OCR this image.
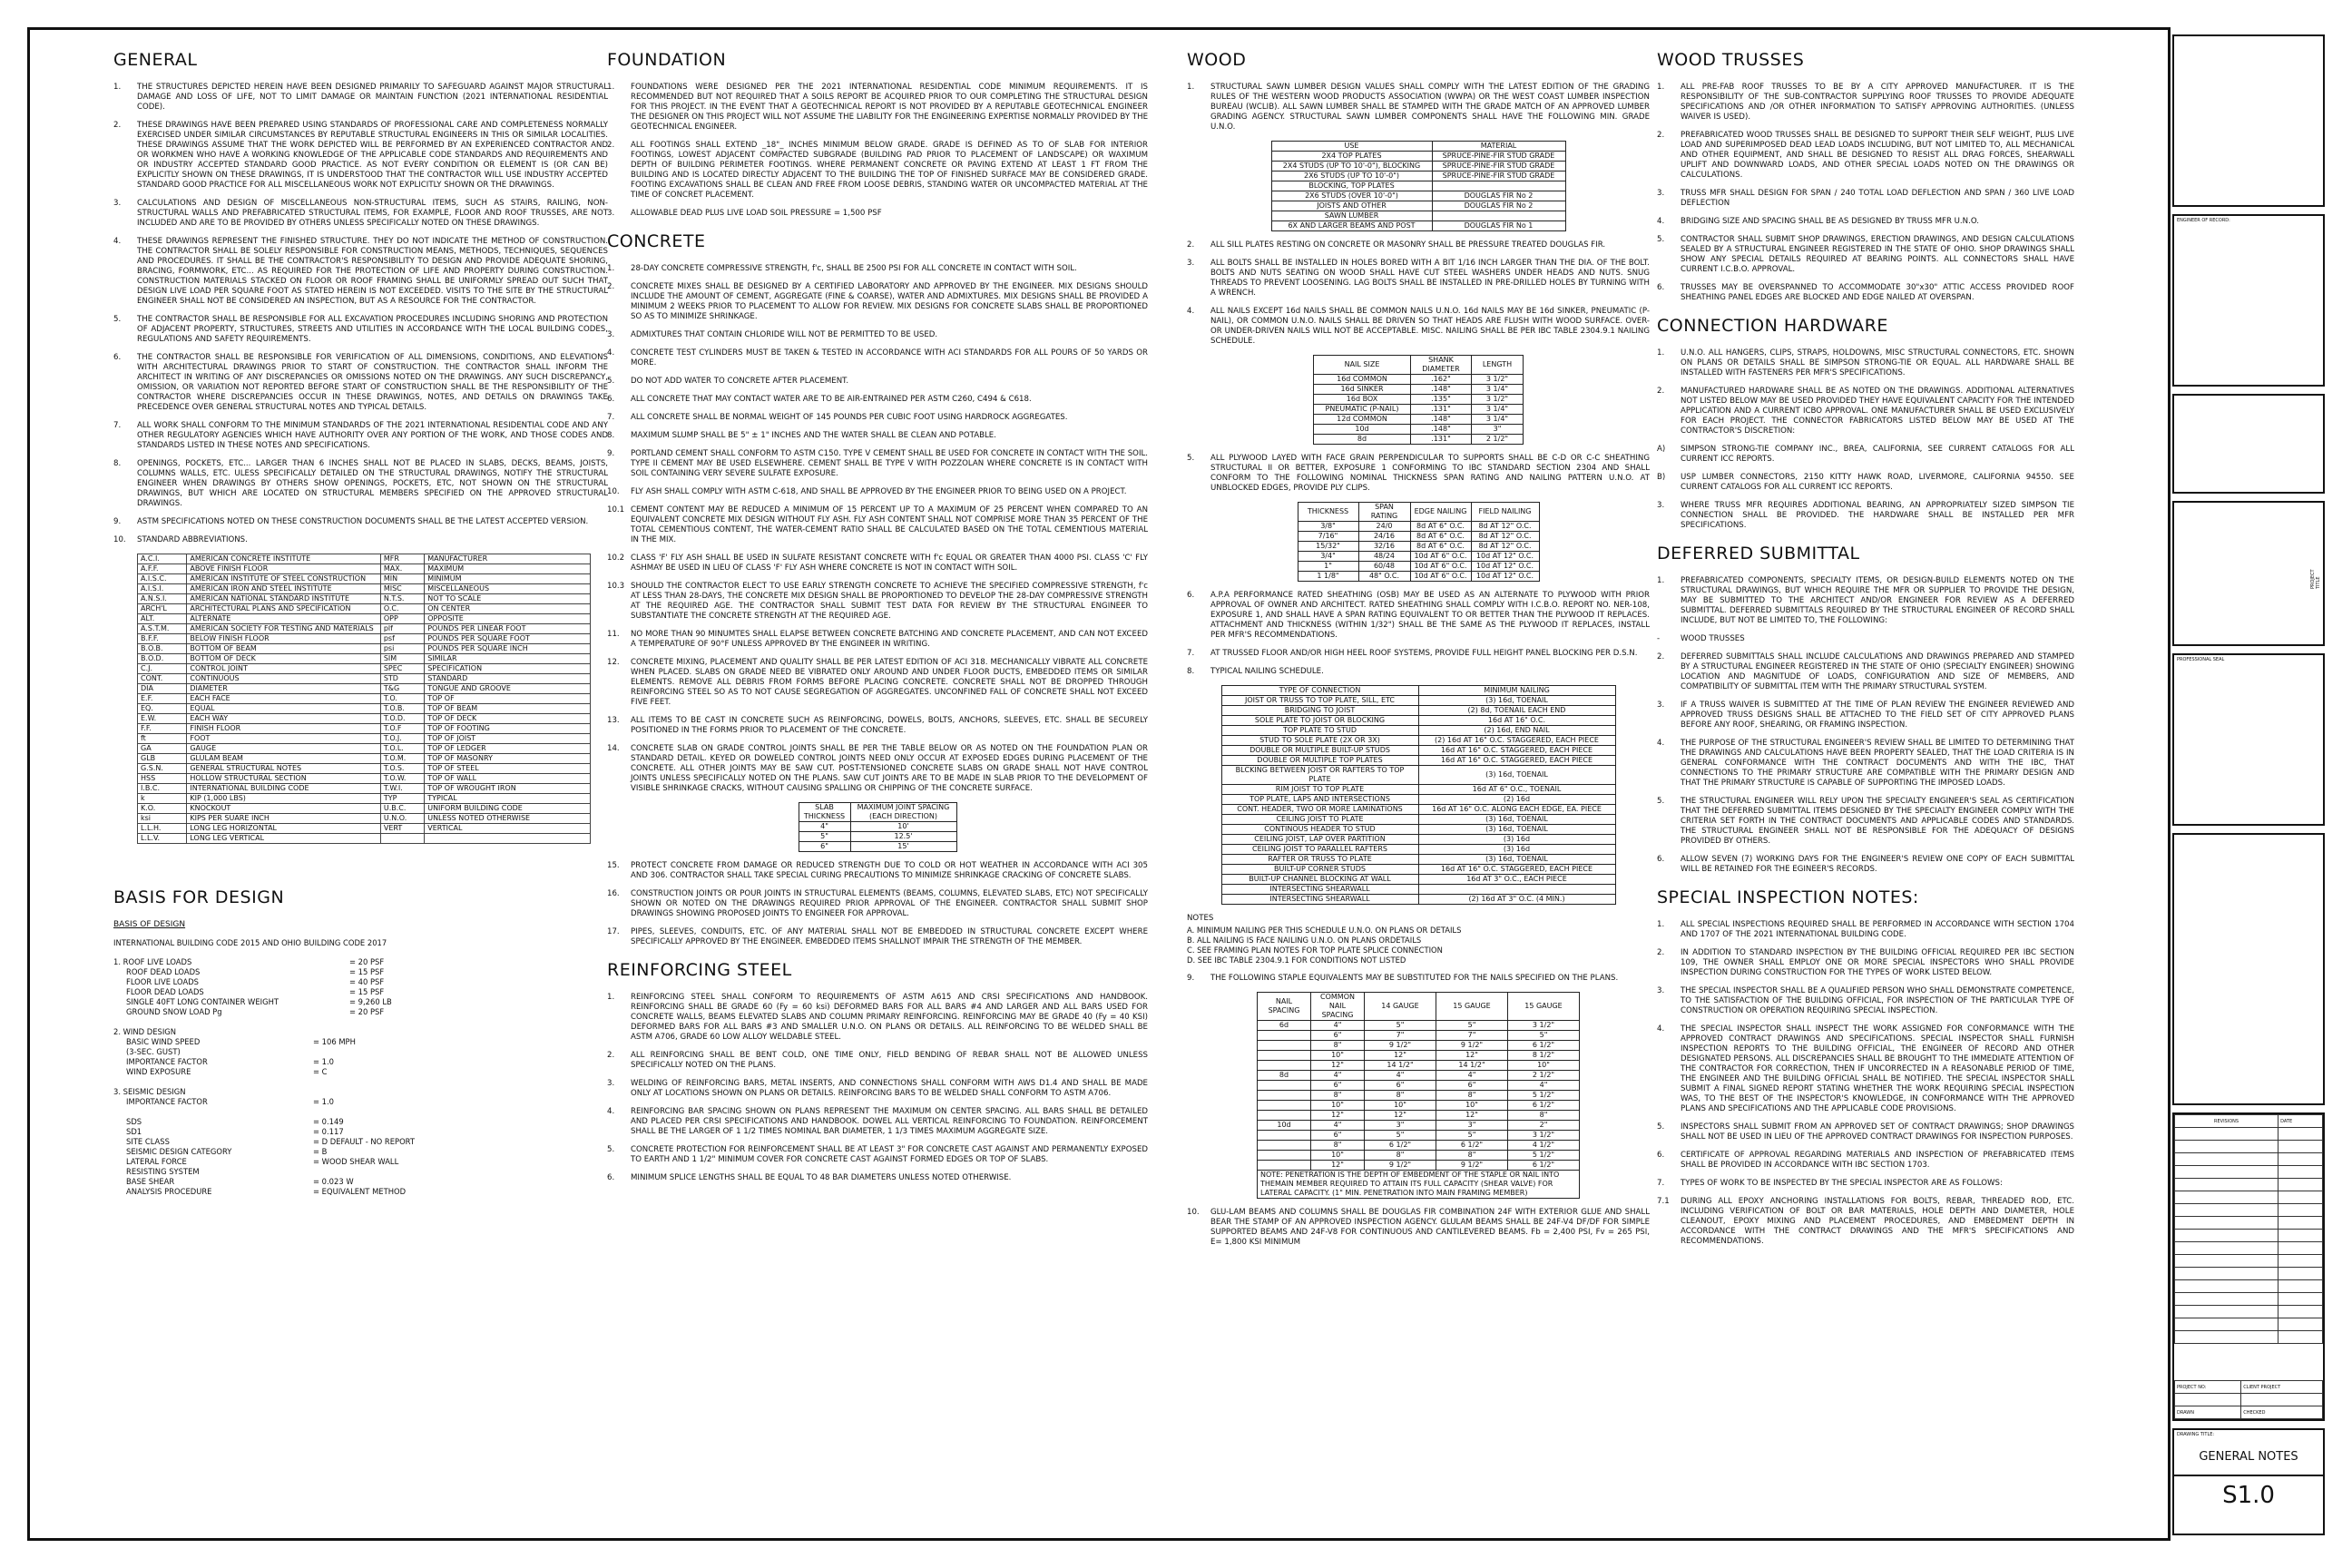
GENERAL
1.	THE STRUCTURES DEPICTED HEREIN HAVE BEEN DESIGNED PRIMARILY TO SAFEGUARD AGAINST MAJOR STRUCTURAL DAMAGE AND LOSS OF LIFE, NOT TO LIMIT DAMAGE OR MAINTAIN FUNCTION (2021 INTERNATIONAL RESIDENTIAL CODE).
2.	THESE DRAWINGS HAVE BEEN PREPARED USING STANDARDS OF PROFESSIONAL CARE AND COMPLETENESS NORMALLY EXERCISED UNDER SIMILAR CIRCUMSTANCES BY REPUTABLE STRUCTURAL ENGINEERS IN THIS OR SIMILAR LOCALITIES. THESE DRAWINGS ASSUME THAT THE WORK DEPICTED WILL BE PERFORMED BY AN EXPERIENCED CONTRACTOR AND OR WORKMEN WHO HAVE A WORKING KNOWLEDGE OF THE APPLICABLE CODE STANDARDS AND REQUIREMENTS AND OR INDUSTRY ACCEPTED STANDARD GOOD PRACTICE. AS NOT EVERY CONDITION OR ELEMENT IS (OR CAN BE) EXPLICITLY SHOWN ON THESE DRAWINGS, IT IS UNDERSTOOD THAT THE CONTRACTOR WILL USE INDUSTRY ACCEPTED STANDARD GOOD PRACTICE FOR ALL MISCELLANEOUS WORK NOT EXPLICITLY SHOWN OR THE DRAWINGS.
3.	CALCULATIONS AND DESIGN OF MISCELLANEOUS NON-STRUCTURAL ITEMS, SUCH AS STAIRS, RAILING, NON-STRUCTURAL WALLS AND PREFABRICATED STRUCTURAL ITEMS, FOR EXAMPLE, FLOOR AND ROOF TRUSSES, ARE NOT INCLUDED AND ARE TO BE PROVIDED BY OTHERS UNLESS SPECIFICALLY NOTED ON THESE DRAWINGS.
4.	THESE DRAWINGS REPRESENT THE FINISHED STRUCTURE. THEY DO NOT INDICATE THE METHOD OF CONSTRUCTION. THE CONTRACTOR SHALL BE SOLELY RESPONSIBLE FOR CONSTRUCTION MEANS, METHODS, TECHNIQUES, SEQUENCES AND PROCEDURES. IT SHALL BE THE CONTRACTOR'S RESPONSIBILITY TO DESIGN AND PROVIDE ADEQUATE SHORING, BRACING, FORMWORK, ETC... AS REQUIRED FOR THE PROTECTION OF LIFE AND PROPERTY DURING CONSTRUCTION. CONSTRUCTION MATERIALS STACKED ON FLOOR OR ROOF FRAMING SHALL BE UNIFORMLY SPREAD OUT SUCH THAT DESIGN LIVE LOAD PER SQUARE FOOT AS STATED HEREIN IS NOT EXCEEDED. VISITS TO THE SITE BY THE STRUCTURAL ENGINEER SHALL NOT BE CONSIDERED AN INSPECTION, BUT AS A RESOURCE FOR THE CONTRACTOR.
5.	THE CONTRACTOR SHALL BE RESPONSIBLE FOR ALL EXCAVATION PROCEDURES INCLUDING SHORING AND PROTECTION OF ADJACENT PROPERTY, STRUCTURES, STREETS AND UTILITIES IN ACCORDANCE WITH THE LOCAL BUILDING CODES, REGULATIONS AND SAFETY REQUIREMENTS.
6.	THE CONTRACTOR SHALL BE RESPONSIBLE FOR VERIFICATION OF ALL DIMENSIONS, CONDITIONS, AND ELEVATIONS WITH ARCHITECTURAL DRAWINGS PRIOR TO START OF CONSTRUCTION. THE CONTRACTOR SHALL INFORM THE ARCHITECT IN WRITING OF ANY DISCREPANCIES OR OMISSIONS NOTED ON THE DRAWINGS. ANY SUCH DISCREPANCY, OMISSION, OR VARIATION NOT REPORTED BEFORE START OF CONSTRUCTION SHALL BE THE RESPONSIBILITY OF THE CONTRACTOR WHERE DISCREPANCIES OCCUR IN THESE DRAWINGS, NOTES, AND DETAILS ON DRAWINGS TAKE PRECEDENCE OVER GENERAL STRUCTURAL NOTES AND TYPICAL DETAILS.
7.	ALL WORK SHALL CONFORM TO THE MINIMUM STANDARDS OF THE 2021 INTERNATIONAL RESIDENTIAL CODE AND ANY OTHER REGULATORY AGENCIES WHICH HAVE AUTHORITY OVER ANY PORTION OF THE WORK, AND THOSE CODES AND STANDARDS LISTED IN THESE NOTES AND SPECIFICATIONS.
8.	OPENINGS, POCKETS, ETC... LARGER THAN 6 INCHES SHALL NOT BE PLACED IN SLABS, DECKS, BEAMS, JOISTS, COLUMNS WALLS, ETC. ULESS SPECIFICALLY DETAILED ON THE STRUCTURAL DRAWINGS, NOTIFY THE STRUCTURAL ENGINEER WHEN DRAWINGS BY OTHERS SHOW OPENINGS, POCKETS, ETC, NOT SHOWN ON THE STRUCTURAL DRAWINGS, BUT WHICH ARE LOCATED ON STRUCTURAL MEMBERS SPECIFIED ON THE APPROVED STRUCTURAL DRAWINGS.
9.	ASTM SPECIFICATIONS NOTED ON THESE CONSTRUCTION DOCUMENTS SHALL BE THE LATEST ACCEPTED VERSION.
10.	STANDARD ABBREVIATIONS.
A.C.I.	AMERICAN CONCRETE INSTITUTE	MFR	MANUFACTURER
A.F.F.	ABOVE FINISH FLOOR	MAX.	MAXIMUM
A.I.S.C.	AMERICAN INSTITUTE OF STEEL CONSTRUCTION	MIN	MINIMUM
A.I.S.I.	AMERICAN IRON AND STEEL INSTITUTE	MISC	MISCELLANEOUS
A.N.S.I.	AMERICAN NATIONAL STANDARD INSTITUTE	N.T.S.	NOT TO SCALE
ARCH'L	ARCHITECTURAL PLANS AND SPECIFICATION	O.C.	ON CENTER
ALT.	ALTERNATE	OPP	OPPOSITE
A.S.T.M.	AMERICAN SOCIETY FOR TESTING AND MATERIALS	plf	POUNDS PER LINEAR FOOT
B.F.F.	BELOW FINISH FLOOR	psf	POUNDS PER SQUARE FOOT
B.O.B.	BOTTOM OF BEAM	psi	POUNDS PER SQUARE INCH
B.O.D.	BOTTOM OF DECK	SIM	SIMILAR
C.J.	CONTROL JOINT	SPEC	SPECIFICATION
CONT.	CONTINUOUS	STD	STANDARD
DIA	DIAMETER	T&G	TONGUE AND GROOVE
E.F.	EACH FACE	T.O.	TOP OF
EQ.	EQUAL	T.O.B.	TOP OF BEAM
E.W.	EACH WAY	T.O.D.	TOP OF DECK
F.F.	FINISH FLOOR	T.O.F	TOP OF FOOTING
ft	FOOT	T.O.J.	TOP OF JOIST
GA	GAUGE	T.O.L.	TOP OF LEDGER
GLB	GLULAM BEAM	T.O.M.	TOP OF MASONRY
G.S.N.	GENERAL STRUCTURAL NOTES	T.O.S.	TOP OF STEEL
HSS	HOLLOW STRUCTURAL SECTION	T.O.W.	TOP OF WALL
I.B.C.	INTERNATIONAL BUILDING CODE	T.W.I.	TOP OF WROUGHT IRON
k	KIP (1,000 LBS)	TYP	TYPICAL
K.O.	KNOCKOUT	U.B.C.	UNIFORM BUILDING CODE
ksi	KIPS PER SUARE INCH	U.N.O.	UNLESS NOTED OTHERWISE
L.L.H.	LONG LEG HORIZONTAL	VERT	VERTICAL
L.L.V.	LONG LEG VERTICAL		
BASIS FOR DESIGN
BASIS OF DESIGN
INTERNATIONAL BUILDING CODE 2015 AND OHIO BUILDING CODE 2017
1. ROOF LIVE LOADS	= 20 PSF
ROOF DEAD LOADS	= 15 PSF
FLOOR LIVE LOADS	= 40 PSF
FLOOR DEAD LOADS	= 15 PSF
SINGLE 40FT LONG CONTAINER WEIGHT	= 9,260 LB
GROUND SNOW LOAD Pg	= 20 PSF
2. WIND DESIGN
BASIC WIND SPEED	= 106 MPH
(3-SEC. GUST)
IMPORTANCE FACTOR	= 1.0
WIND EXPOSURE	= C
3. SEISMIC DESIGN
IMPORTANCE FACTOR	= 1.0
SDS	= 0.149
SD1	= 0.117
SITE CLASS	= D DEFAULT - NO REPORT
SEISMIC DESIGN CATEGORY	= B
LATERAL FORCE	= WOOD SHEAR WALL
RESISTING SYSTEM
BASE SHEAR	= 0.023 W
ANALYSIS PROCEDURE	= EQUIVALENT METHOD
FOUNDATION
1.	FOUNDATIONS WERE DESIGNED PER THE 2021 INTERNATIONAL RESIDENTIAL CODE MINIMUM REQUIREMENTS. IT IS RECOMMENDED BUT NOT REQUIRED THAT A SOILS REPORT BE ACQUIRED PRIOR TO OUR COMPLETING THE STRUCTURAL DESIGN FOR THIS PROJECT. IN THE EVENT THAT A GEOTECHNICAL REPORT IS NOT PROVIDED BY A REPUTABLE GEOTECHNICAL ENGINEER THE DESIGNER ON THIS PROJECT WILL NOT ASSUME THE LIABILITY FOR THE ENGINEERING EXPERTISE NORMALLY PROVIDED BY THE GEOTECHNICAL ENGINEER.
2.	ALL FOOTINGS SHALL EXTEND _18"_ INCHES MINIMUM BELOW GRADE. GRADE IS DEFINED AS TO OF SLAB FOR INTERIOR FOOTINGS, LOWEST ADJACENT COMPACTED SUBGRADE (BUILDING PAD PRIOR TO PLACEMENT OF LANDSCAPE) OR WAXIMUM DEPTH OF BUILDING PERIMETER FOOTINGS. WHERE PERMANENT CONCRETE OR PAVING EXTEND AT LEAST 1 FT FROM THE BUILDING AND IS LOCATED DIRECTLY ADJACENT TO THE BUILDING THE TOP OF FINISHED SURFACE MAY BE CONSIDERED GRADE. FOOTING EXCAVATIONS SHALL BE CLEAN AND FREE FROM LOOSE DEBRIS, STANDING WATER OR UNCOMPACTED MATERIAL AT THE TIME OF CONCRET PLACEMENT.
3.	ALLOWABLE DEAD PLUS LIVE LOAD SOIL PRESSURE = 1,500 PSF
CONCRETE
1.	28-DAY CONCRETE COMPRESSIVE STRENGTH, f'c, SHALL BE 2500 PSI FOR ALL CONCRETE IN CONTACT WITH SOIL.
2.	CONCRETE MIXES SHALL BE DESIGNED BY A CERTIFIED LABORATORY AND APPROVED BY THE ENGINEER. MIX DESIGNS SHOULD INCLUDE THE AMOUNT OF CEMENT, AGGREGATE (FINE & COARSE), WATER AND ADMIXTURES. MIX DESIGNS SHALL BE PROVIDED A MINIMUM 2 WEEKS PRIOR TO PLACEMENT TO ALLOW FOR REVIEW. MIX DESIGNS FOR CONCRETE SLABS SHALL BE PROPORTIONED SO AS TO MINIMIZE SHRINKAGE.
3.	ADMIXTURES THAT CONTAIN CHLORIDE WILL NOT BE PERMITTED TO BE USED.
4.	CONCRETE TEST CYLINDERS MUST BE TAKEN & TESTED IN ACCORDANCE WITH ACI STANDARDS FOR ALL POURS OF 50 YARDS OR MORE.
5.	DO NOT ADD WATER TO CONCRETE AFTER PLACEMENT.
6.	ALL CONCRETE THAT MAY CONTACT WATER ARE TO BE AIR-ENTRAINED PER ASTM C260, C494 & C618.
7.	ALL CONCRETE SHALL BE NORMAL WEIGHT OF 145 POUNDS PER CUBIC FOOT USING HARDROCK AGGREGATES.
8.	MAXIMUM SLUMP SHALL BE 5" ± 1" INCHES AND THE WATER SHALL BE CLEAN AND POTABLE.
9.	PORTLAND CEMENT SHALL CONFORM TO ASTM C150. TYPE V CEMENT SHALL BE USED FOR CONCRETE IN CONTACT WITH THE SOIL. TYPE II CEMENT MAY BE USED ELSEWHERE. CEMENT SHALL BE TYPE V WITH POZZOLAN WHERE CONCRETE IS IN CONTACT WITH SOIL CONTAINING VERY SEVERE SULFATE EXPOSURE.
10.	FLY ASH SHALL COMPLY WITH ASTM C-618, AND SHALL BE APPROVED BY THE ENGINEER PRIOR TO BEING USED ON A PROJECT.
10.1 CEMENT CONTENT MAY BE REDUCED A MINIMUM OF 15 PERCENT UP TO A MAXIMUM OF 25 PERCENT WHEN COMPARED TO AN EQUIVALENT CONCRETE MIX DESIGN WITHOUT FLY ASH. FLY ASH CONTENT SHALL NOT COMPRISE MORE THAN 35 PERCENT OF THE TOTAL CEMENTIOUS CONTENT, THE WATER-CEMENT RATIO SHALL BE CALCULATED BASED ON THE TOTAL CEMENTIOUS MATERIAL IN THE MIX.
10.2 CLASS 'F' FLY ASH SHALL BE USED IN SULFATE RESISTANT CONCRETE WITH f'c EQUAL OR GREATER THAN 4000 PSI. CLASS 'C' FLY ASHMAY BE USED IN LIEU OF CLASS 'F' FLY ASH WHERE CONCRETE IS NOT IN CONTACT WITH SOIL.
10.3 SHOULD THE CONTRACTOR ELECT TO USE EARLY STRENGTH CONCRETE TO ACHIEVE THE SPECIFIED COMPRESSIVE STRENGTH, f'c AT LESS THAN 28-DAYS, THE CONCRETE MIX DESIGN SHALL BE PROPORTIONED TO DEVELOP THE 28-DAY COMPRESSIVE STRENGTH AT THE REQUIRED AGE. THE CONTRACTOR SHALL SUBMIT TEST DATA FOR REVIEW BY THE STRUCTURAL ENGINEER TO SUBSTANTIATE THE CONCRETE STRENGTH AT THE REQUIRED AGE.
11.	NO MORE THAN 90 MINUMTES SHALL ELAPSE BETWEEN CONCRETE BATCHING AND CONCRETE PLACEMENT, AND CAN NOT EXCEED A TEMPERATURE OF 90°F UNLESS APPROVED BY THE ENGINEER IN WRITING.
12.	CONCRETE MIXING, PLACEMENT AND QUALITY SHALL BE PER LATEST EDITION OF ACI 318. MECHANICALLY VIBRATE ALL CONCRETE WHEN PLACED. SLABS ON GRADE NEED BE VIBRATED ONLY AROUND AND UNDER FLOOR DUCTS, EMBEDDED ITEMS OR SIMILAR ELEMENTS. REMOVE ALL DEBRIS FROM FORMS BEFORE PLACING CONCRETE. CONCRETE SHALL NOT BE DROPPED THROUGH REINFORCING STEEL SO AS TO NOT CAUSE SEGREGATION OF AGGREGATES. UNCONFINED FALL OF CONCRETE SHALL NOT EXCEED FIVE FEET.
13.	ALL ITEMS TO BE CAST IN CONCRETE SUCH AS REINFORCING, DOWELS, BOLTS, ANCHORS, SLEEVES, ETC. SHALL BE SECURELY POSITIONED IN THE FORMS PRIOR TO PLACEMENT OF THE CONCRETE.
14.	CONCRETE SLAB ON GRADE CONTROL JOINTS SHALL BE PER THE TABLE BELOW OR AS NOTED ON THE FOUNDATION PLAN OR STANDARD DETAIL. KEYED OR DOWELED CONTROL JOINTS NEED ONLY OCCUR AT EXPOSED EDGES DURING PLACEMENT OF THE CONCRETE. ALL OTHER JOINTS MAY BE SAW CUT. POST-TENSIONED CONCRETE SLABS ON GRADE SHALL NOT HAVE CONTROL JOINTS UNLESS SPECIFICALLY NOTED ON THE PLANS. SAW CUT JOINTS ARE TO BE MADE IN SLAB PRIOR TO THE DEVELOPMENT OF VISIBLE SHRINKAGE CRACKS, WITHOUT CAUSING SPALLING OR CHIPPING OF THE CONCRETE SURFACE.
SLAB THICKNESS	MAXIMUM JOINT SPACING (EACH DIRECTION)
4"	10'
5"	12.5'
6"	15'
15.	PROTECT CONCRETE FROM DAMAGE OR REDUCED STRENGTH DUE TO COLD OR HOT WEATHER IN ACCORDANCE WITH ACI 305 AND 306. CONTRACTOR SHALL TAKE SPECIAL CURING PRECAUTIONS TO MINIMIZE SHRINKAGE CRACKING OF CONCRETE SLABS.
16.	CONSTRUCTION JOINTS OR POUR JOINTS IN STRUCTURAL ELEMENTS (BEAMS, COLUMNS, ELEVATED SLABS, ETC) NOT SPECIFICALLY SHOWN OR NOTED ON THE DRAWINGS REQUIRED PRIOR APPROVAL OF THE ENGINEER. CONTRACTOR SHALL SUBMIT SHOP DRAWINGS SHOWING PROPOSED JOINTS TO ENGINEER FOR APPROVAL.
17.	PIPES, SLEEVES, CONDUITS, ETC. OF ANY MATERIAL SHALL NOT BE EMBEDDED IN STRUCTURAL CONCRETE EXCEPT WHERE SPECIFICALLY APPROVED BY THE ENGINEER. EMBEDDED ITEMS SHALLNOT IMPAIR THE STRENGTH OF THE MEMBER.
REINFORCING STEEL
1.	REINFORCING STEEL SHALL CONFORM TO REQUIREMENTS OF ASTM A615 AND CRSI SPECIFICATIONS AND HANDBOOK. REINFORCING SHALL BE GRADE 60 (Fy = 60 ksi) DEFORMED BARS FOR ALL BARS #4 AND LARGER AND ALL BARS USED FOR CONCRETE WALLS, BEAMS ELEVATED SLABS AND COLUMN PRIMARY REINFORCING. REINFORCING MAY BE GRADE 40 (Fy = 40 KSI) DEFORMED BARS FOR ALL BARS #3 AND SMALLER U.N.O. ON PLANS OR DETAILS. ALL REINFORCING TO BE WELDED SHALL BE ASTM A706, GRADE 60 LOW ALLOY WELDABLE STEEL.
2.	ALL REINFORCING SHALL BE BENT COLD, ONE TIME ONLY, FIELD BENDING OF REBAR SHALL NOT BE ALLOWED UNLESS SPECIFICALLY NOTED ON THE PLANS.
3.	WELDING OF REINFORCING BARS, METAL INSERTS, AND CONNECTIONS SHALL CONFORM WITH AWS D1.4 AND SHALL BE MADE ONLY AT LOCATIONS SHOWN ON PLANS OR DETAILS. REINFORCING BARS TO BE WELDED SHALL CONFORM TO ASTM A706.
4.	REINFORCING BAR SPACING SHOWN ON PLANS REPRESENT THE MAXIMUM ON CENTER SPACING. ALL BARS SHALL BE DETAILED AND PLACED PER CRSI SPECIFICATIONS AND HANDBOOK. DOWEL ALL VERTICAL REINFORCING TO FOUNDATION. REINFORCEMENT SHALL BE THE LARGER OF 1 1/2 TIMES NOMINAL BAR DIAMETER, 1 1/3 TIMES MAXIMUM AGGREGATE SIZE.
5.	CONCRETE PROTECTION FOR REINFORCEMENT SHALL BE AT LEAST 3" FOR CONCRETE CAST AGAINST AND PERMANENTLY EXPOSED TO EARTH AND 1 1/2" MINIMUM COVER FOR CONCRETE CAST AGAINST FORMED EDGES OR TOP OF SLABS.
6.	MINIMUM SPLICE LENGTHS SHALL BE EQUAL TO 48 BAR DIAMETERS UNLESS NOTED OTHERWISE.
WOOD
1.	STRUCTURAL SAWN LUMBER DESIGN VALUES SHALL COMPLY WITH THE LATEST EDITION OF THE GRADING RULES OF THE WESTERN WOOD PRODUCTS ASSOCIATION (WWPA) OR THE WEST COAST LUMBER INSPECTION BUREAU (WCLIB). ALL SAWN LUMBER SHALL BE STAMPED WITH THE GRADE MATCH OF AN APPROVED LUMBER GRADING AGENCY. STRUCTURAL SAWN LUMBER COMPONENTS SHALL HAVE THE FOLLOWING MIN. GRADE U.N.O.
USE	MATERIAL
2X4 TOP PLATES	SPRUCE-PINE-FIR STUD GRADE
2X4 STUDS (UP TO 10'-0"), BLOCKING	SPRUCE-PINE-FIR STUD GRADE
2X6 STUDS (UP TO 10'-0")	SPRUCE-PINE-FIR STUD GRADE
BLOCKING, TOP PLATES	
2X6 STUDS (OVER 10'-0")	DOUGLAS FIR No 2
JOISTS AND OTHER	DOUGLAS FIR No 2
SAWN LUMBER	
6X AND LARGER BEAMS AND POST	DOUGLAS FIR No 1
2.	ALL SILL PLATES RESTING ON CONCRETE OR MASONRY SHALL BE PRESSURE TREATED DOUGLAS FIR.
3.	ALL BOLTS SHALL BE INSTALLED IN HOLES BORED WITH A BIT 1/16 INCH LARGER THAN THE DIA. OF THE BOLT. BOLTS AND NUTS SEATING ON WOOD SHALL HAVE CUT STEEL WASHERS UNDER HEADS AND NUTS. SNUG THREADS TO PREVENT LOOSENING. LAG BOLTS SHALL BE INSTALLED IN PRE-DRILLED HOLES BY TURNING WITH A WRENCH.
4.	ALL NAILS EXCEPT 16d NAILS SHALL BE COMMON NAILS U.N.O. 16d NAILS MAY BE 16d SINKER, PNEUMATIC (P-NAIL), OR COMMON U.N.O. NAILS SHALL BE DRIVEN SO THAT HEADS ARE FLUSH WITH WOOD SURFACE. OVER- OR UNDER-DRIVEN NAILS WILL NOT BE ACCEPTABLE. MISC. NAILING SHALL BE PER IBC TABLE 2304.9.1 NAILING SCHEDULE.
NAIL SIZE	SHANK DIAMETER	LENGTH
16d COMMON	.162"	3 1/2"
16d SINKER	.148"	3 1/4"
16d BOX	.135"	3 1/2"
PNEUMATIC (P-NAIL)	.131"	3 1/4"
12d COMMON	.148"	3 1/4"
10d	.148"	3"
8d	.131"	2 1/2"
5.	ALL PLYWOOD LAYED WITH FACE GRAIN PERPENDICULAR TO SUPPORTS SHALL BE C-D OR C-C SHEATHING STRUCTURAL II OR BETTER, EXPOSURE 1 CONFORMING TO IBC STANDARD SECTION 2304 AND SHALL CONFORM TO THE FOLLOWING NOMINAL THICKNESS SPAN RATING AND NAILING PATTERN U.N.O. AT UNBLOCKED EDGES, PROVIDE PLY CLIPS.
THICKNESS	SPAN RATING	EDGE NAILING	FIELD NAILING
3/8"	24/0	8d AT 6" O.C.	8d AT 12" O.C.
7/16"	24/16	8d AT 6" O.C.	8d AT 12" O.C.
15/32"	32/16	8d AT 6" O.C.	8d AT 12" O.C.
3/4"	48/24	10d AT 6" O.C.	10d AT 12" O.C.
1"	60/48	10d AT 6" O.C.	10d AT 12" O.C.
1 1/8"	48" O.C.	10d AT 6" O.C.	10d AT 12" O.C.
6.	A.P.A PERFORMANCE RATED SHEATHING (OSB) MAY BE USED AS AN ALTERNATE TO PLYWOOD WITH PRIOR APPROVAL OF OWNER AND ARCHITECT. RATED SHEATHING SHALL COMPLY WITH I.C.B.O. REPORT NO. NER-108, EXPOSURE 1, AND SHALL HAVE A SPAN RATING EQUIVALENT TO OR BETTER THAN THE PLYWOOD IT REPLACES. ATTACHMENT AND THICKNESS (WITHIN 1/32") SHALL BE THE SAME AS THE PLYWOOD IT REPLACES, INSTALL PER MFR'S RECOMMENDATIONS.
7.	AT TRUSSED FLOOR AND/OR HIGH HEEL ROOF SYSTEMS, PROVIDE FULL HEIGHT PANEL BLOCKING PER D.S.N.
8.	TYPICAL NAILING SCHEDULE.
TYPE OF CONNECTION	MINIMUM NAILING
JOIST OR TRUSS TO TOP PLATE, SILL, ETC	(3) 16d, TOENAIL
BRIDGING TO JOIST	(2) 8d, TOENAIL EACH END
SOLE PLATE TO JOIST OR BLOCKING	16d AT 16" O.C.
TOP PLATE TO STUD	(2) 16d, END NAIL
STUD TO SOLE PLATE (2X OR 3X)	(2) 16d AT 16" O.C. STAGGERED, EACH PIECE
DOUBLE OR MULTIPLE BUILT-UP STUDS	16d AT 16" O.C. STAGGERED, EACH PIECE
DOUBLE OR MULTIPLE TOP PLATES	16d AT 16" O.C. STAGGERED, EACH PIECE
BLCKING BETWEEN JOIST OR RAFTERS TO TOP PLATE	(3) 16d, TOENAIL
RIM JOIST TO TOP PLATE	16d AT 6" O.C., TOENAIL
TOP PLATE, LAPS AND INTERSECTIONS	(2) 16d
CONT. HEADER, TWO OR MORE LAMINATIONS	16d AT 16" O.C. ALONG EACH EDGE, EA. PIECE
CEILING JOIST TO PLATE	(3) 16d, TOENAIL
CONTINOUS HEADER TO STUD	(3) 16d, TOENAIL
CEILING JOIST, LAP OVER PARTITION	(3) 16d
CEILING JOIST TO PARALLEL RAFTERS	(3) 16d
RAFTER OR TRUSS TO PLATE	(3) 16d, TOENAIL
BUILT-UP CORNER STUDS	16d AT 16" O.C. STAGGERED, EACH PIECE
BUILT-UP CHANNEL BLOCKING AT WALL	16d AT 3" O.C., EACH PIECE
INTERSECTING SHEARWALL	
INTERSECTING SHEARWALL	(2) 16d AT 3" O.C. (4 MIN.)
NOTES
A. MINIMUM NAILING PER THIS SCHEDULE U.N.O. ON PLANS OR DETAILS
B. ALL NAILING IS FACE NAILING U.N.O. ON PLANS ORDETAILS
C. SEE FRAMING PLAN NOTES FOR TOP PLATE SPLICE CONNECTION
D. SEE IBC TABLE 2304.9.1 FOR CONDITIONS NOT LISTED
9.	THE FOLLOWING STAPLE EQUIVALENTS MAY BE SUBSTITUTED FOR THE NAILS SPECIFIED ON THE PLANS.
NAIL SPACING	COMMON NAIL SPACING	14 GAUGE	15 GAUGE	15 GAUGE
6d	4"	5"	5"	3 1/2"
	6"	7"	7"	5"
	8"	9 1/2"	9 1/2"	6 1/2"
	10"	12"	12"	8 1/2"
	12"	14 1/2"	14 1/2"	10"
8d	4"	4"	4"	2 1/2"
	6"	6"	6"	4"
	8"	8"	8"	5 1/2"
	10"	10"	10"	6 1/2"
	12"	12"	12"	8"
10d	4"	3"	3"	2"
	6"	5"	5"	3 1/2"
	8"	6 1/2"	6 1/2"	4 1/2"
	10"	8"	8"	5 1/2"
	12"	9 1/2"	9 1/2"	6 1/2"
NOTE: PENETRATION IS THE DEPTH OF EMBEDMENT OF THE STAPLE OR NAIL INTO THEMAIN MEMBER REQUIRED TO ATTAIN ITS FULL CAPACITY (SHEAR VALVE) FOR LATERAL CAPACITY. (1" MIN. PENETRATION INTO MAIN FRAMING MEMBER)				
10.	GLU-LAM BEAMS AND COLUMNS SHALL BE DOUGLAS FIR COMBINATION 24F WITH EXTERIOR GLUE AND SHALL BEAR THE STAMP OF AN APPROVED INSPECTION AGENCY. GLULAM BEAMS SHALL BE 24F-V4 DF/DF FOR SIMPLE SUPPORTED BEAMS AND 24F-V8 FOR CONTINUOUS AND CANTILEVERED BEAMS. Fb = 2,400 PSI, Fv = 265 PSI, E= 1,800 KSI MINIMUM
WOOD TRUSSES
1.	ALL PRE-FAB ROOF TRUSSES TO BE BY A CITY APPROVED MANUFACTURER. IT IS THE RESPONSIBILITY OF THE SUB-CONTRACTOR SUPPLYING ROOF TRUSSES TO PROVIDE ADEQUATE SPECIFICATIONS AND /OR OTHER INFORMATION TO SATISFY APPROVING AUTHORITIES. (UNLESS WAIVER IS USED).
2.	PREFABRICATED WOOD TRUSSES SHALL BE DESIGNED TO SUPPORT THEIR SELF WEIGHT, PLUS LIVE LOAD AND SUPERIMPOSED DEAD LEAD LOADS INCLUDING, BUT NOT LIMITED TO, ALL MECHANICAL AND OTHER EQUIPMENT, AND SHALL BE DESIGNED TO RESIST ALL DRAG FORCES, SHEARWALL UPLIFT AND DOWNWARD LOADS, AND OTHER SPECIAL LOADS NOTED ON THE DRAWINGS OR CALCULATIONS.
3.	TRUSS MFR SHALL DESIGN FOR SPAN / 240 TOTAL LOAD DEFLECTION AND SPAN / 360 LIVE LOAD DEFLECTION
4.	BRIDGING SIZE AND SPACING SHALL BE AS DESIGNED BY TRUSS MFR U.N.O.
5.	CONTRACTOR SHALL SUBMIT SHOP DRAWINGS, ERECTION DRAWINGS, AND DESIGN CALCULATIONS SEALED BY A STRUCTURAL ENGINEER REGISTERED IN THE STATE OF OHIO. SHOP DRAWINGS SHALL SHOW ANY SPECIAL DETAILS REQUIRED AT BEARING POINTS. ALL CONNECTORS SHALL HAVE CURRENT I.C.B.O. APPROVAL.
6.	TRUSSES MAY BE OVERSPANNED TO ACCOMMODATE 30"x30" ATTIC ACCESS PROVIDED ROOF SHEATHING PANEL EDGES ARE BLOCKED AND EDGE NAILED AT OVERSPAN.
CONNECTION HARDWARE
1.	U.N.O. ALL HANGERS, CLIPS, STRAPS, HOLDOWNS, MISC STRUCTURAL CONNECTORS, ETC. SHOWN ON PLANS OR DETAILS SHALL BE SIMPSON STRONG-TIE OR EQUAL. ALL HARDWARE SHALL BE INSTALLED WITH FASTENERS PER MFR'S SPECIFICATIONS.
2.	MANUFACTURED HARDWARE SHALL BE AS NOTED ON THE DRAWINGS. ADDITIONAL ALTERNATIVES NOT LISTED BELOW MAY BE USED PROVIDED THEY HAVE EQUIVALENT CAPACITY FOR THE INTENDED APPLICATION AND A CURRENT ICBO APPROVAL. ONE MANUFACTURER SHALL BE USED EXCLUSIVELY FOR EACH PROJECT. THE CONNECTOR FABRICATORS LISTED BELOW MAY BE USED AT THE CONTRACTOR'S DISCRETION:
A)	SIMPSON STRONG-TIE COMPANY INC., BREA, CALIFORNIA, SEE CURRENT CATALOGS FOR ALL CURRENT ICC REPORTS.
B)	USP LUMBER CONNECTORS, 2150 KITTY HAWK ROAD, LIVERMORE, CALIFORNIA 94550. SEE CURRENT CATALOGS FOR ALL CURRENT ICC REPORTS.
3.	WHERE TRUSS MFR REQUIRES ADDITIONAL BEARING, AN APPROPRIATELY SIZED SIMPSON TIE CONNECTION SHALL BE PROVIDED. THE HARDWARE SHALL BE INSTALLED PER MFR SPECIFICATIONS.
DEFERRED SUBMITTAL
1.	PREFABRICATED COMPONENTS, SPECIALTY ITEMS, OR DESIGN-BUILD ELEMENTS NOTED ON THE STRUCTURAL DRAWINGS, BUT WHICH REQUIRE THE MFR OR SUPPLIER TO PROVIDE THE DESIGN, MAY BE SUBMITTED TO THE ARCHITECT AND/OR ENGINEER FOR REVIEW AS A DEFERRED SUBMITTAL. DEFERRED SUBMITTALS REQUIRED BY THE STRUCTURAL ENGINEER OF RECORD SHALL INCLUDE, BUT NOT BE LIMITED TO, THE FOLLOWING:
-	WOOD TRUSSES
2.	DEFERRED SUBMITTALS SHALL INCLUDE CALCULATIONS AND DRAWINGS PREPARED AND STAMPED BY A STRUCTURAL ENGINEER REGISTERED IN THE STATE OF OHIO (SPECIALTY ENGINEER) SHOWING LOCATION AND MAGNITUDE OF LOADS, CONFIGURATION AND SIZE OF MEMBERS, AND COMPATIBILITY OF SUBMITTAL ITEM WITH THE PRIMARY STRUCTURAL SYSTEM.
3.	IF A TRUSS WAIVER IS SUBMITTED AT THE TIME OF PLAN REVIEW THE ENGINEER REVIEWED AND APPROVED TRUSS DESIGNS SHALL BE ATTACHED TO THE FIELD SET OF CITY APPROVED PLANS BEFORE ANY ROOF, SHEARING, OR FRAMING INSPECTION.
4.	THE PURPOSE OF THE STRUCTURAL ENGINEER'S REVIEW SHALL BE LIMITED TO DETERMINING THAT THE DRAWINGS AND CALCULATIONS HAVE BEEN PROPERTY SEALED, THAT THE LOAD CRITERIA IS IN GENERAL CONFORMANCE WITH THE CONTRACT DOCUMENTS AND WITH THE IBC, THAT CONNECTIONS TO THE PRIMARY STRUCTURE ARE COMPATIBLE WITH THE PRIMARY DESIGN AND THAT THE PRIMARY STRUCTURE IS CAPABLE OF SUPPORTING THE IMPOSED LOADS.
5.	THE STRUCTURAL ENGINEER WILL RELY UPON THE SPECIALTY ENGINEER'S SEAL AS CERTIFICATION THAT THE DEFERRED SUBMITTAL ITEMS DESIGNED BY THE SPECIALTY ENGINEER COMPLY WITH THE CRITERIA SET FORTH IN THE CONTRACT DOCUMENTS AND APPLICABLE CODES AND STANDARDS. THE STRUCTURAL ENGINEER SHALL NOT BE RESPONSIBLE FOR THE ADEQUACY OF DESIGNS PROVIDED BY OTHERS.
6.	ALLOW SEVEN (7) WORKING DAYS FOR THE ENGINEER'S REVIEW ONE COPY OF EACH SUBMITTAL WILL BE RETAINED FOR THE EGINEER'S RECORDS.
SPECIAL INSPECTION NOTES:
1.	ALL SPECIAL INSPECTIONS REQUIRED SHALL BE PERFORMED IN ACCORDANCE WITH SECTION 1704 AND 1707 OF THE 2021 INTERNATIONAL BUILDING CODE.
2.	IN ADDITION TO STANDARD INSPECTION BY THE BUILDING OFFICIAL REQUIRED PER IBC SECTION 109, THE OWNER SHALL EMPLOY ONE OR MORE SPECIAL INSPECTORS WHO SHALL PROVIDE INSPECTION DURING CONSTRUCTION FOR THE TYPES OF WORK LISTED BELOW.
3.	THE SPECIAL INSPECTOR SHALL BE A QUALIFIED PERSON WHO SHALL DEMONSTRATE COMPETENCE, TO THE SATISFACTION OF THE BUILDING OFFICIAL, FOR INSPECTION OF THE PARTICULAR TYPE OF CONSTRUCTION OR OPERATION REQUIRING SPECIAL INSPECTION.
4.	THE SPECIAL INSPECTOR SHALL INSPECT THE WORK ASSIGNED FOR CONFORMANCE WITH THE APPROVED CONTRACT DRAWINGS AND SPECIFICATIONS. SPECIAL INSPECTOR SHALL FURNISH INSPECTION REPORTS TO THE BUILDING OFFICIAL, THE ENGINEER OF RECORD AND OTHER DESIGNATED PERSONS. ALL DISCREPANCIES SHALL BE BROUGHT TO THE IMMEDIATE ATTENTION OF THE CONTRACTOR FOR CORRECTION, THEN IF UNCORRECTED IN A REASONABLE PERIOD OF TIME, THE ENGINEER AND THE BUILDING OFFICIAL SHALL BE NOTIFIED. THE SPECIAL INSPECTOR SHALL SUBMIT A FINAL SIGNED REPORT STATING WHETHER THE WORK REQUIRING SPECIAL INSPECTION WAS, TO THE BEST OF THE INSPECTOR'S KNOWLEDGE, IN CONFORMANCE WITH THE APPROVED PLANS AND SPECIFICATIONS AND THE APPLICABLE CODE PROVISIONS.
5.	INSPECTORS SHALL SUBMIT FROM AN APPROVED SET OF CONTRACT DRAWINGS; SHOP DRAWINGS SHALL NOT BE USED IN LIEU OF THE APPROVED CONTRACT DRAWINGS FOR INSPECTION PURPOSES.
6.	CERTIFICATE OF APPROVAL REGARDING MATERIALS AND INSPECTION OF PREFABRICATED ITEMS SHALL BE PROVIDED IN ACCORDANCE WITH IBC SECTION 1703.
7.	TYPES OF WORK TO BE INSPECTED BY THE SPECIAL INSPECTOR ARE AS FOLLOWS:
7.1	DURING ALL EPOXY ANCHORING INSTALLATIONS FOR BOLTS, REBAR, THREADED ROD, ETC. INCLUDING VERIFICATION OF BOLT OR BAR MATERIALS, HOLE DEPTH AND DIAMETER, HOLE CLEANOUT, EPOXY MIXING AND PLACEMENT PROCEDURES, AND EMBEDMENT DEPTH IN ACCORDANCE WITH THE CONTRACT DRAWINGS AND THE MFR'S SPECIFICATIONS AND RECOMMENDATIONS.
ENGINEER OF RECORD:
PROJECT TITLE
PROFESSIONAL SEAL
REVISIONS	DATE

PROJECT NO:	CLIENT PROJECT

DRAWN	CHECKED
DRAWING TITLE:
GENERAL NOTES
S1.0
